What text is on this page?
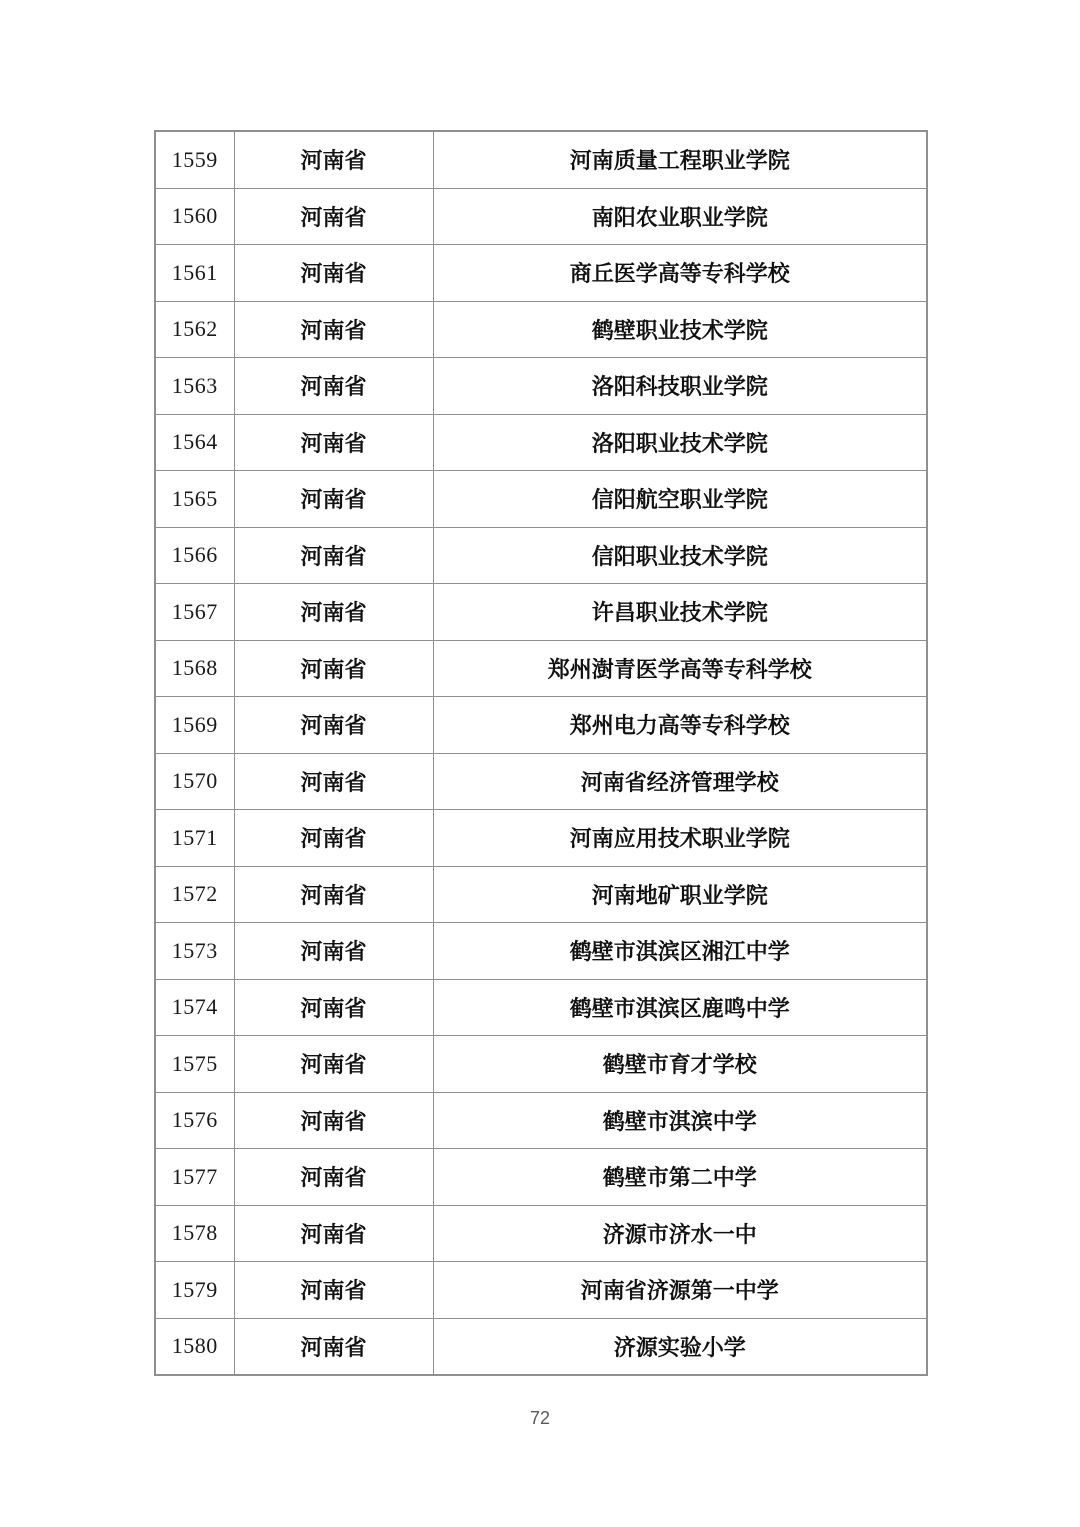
1559	河南省	河南质量工程职业学院
1560	河南省	南阳农业职业学院
1561	河南省	商丘医学高等专科学校
1562	河南省	鹤壁职业技术学院
1563	河南省	洛阳科技职业学院
1564	河南省	洛阳职业技术学院
1565	河南省	信阳航空职业学院
1566	河南省	信阳职业技术学院
1567	河南省	许昌职业技术学院
1568	河南省	郑州澍青医学高等专科学校
1569	河南省	郑州电力高等专科学校
1570	河南省	河南省经济管理学校
1571	河南省	河南应用技术职业学院
1572	河南省	河南地矿职业学院
1573	河南省	鹤壁市淇滨区湘江中学
1574	河南省	鹤壁市淇滨区鹿鸣中学
1575	河南省	鹤壁市育才学校
1576	河南省	鹤壁市淇滨中学
1577	河南省	鹤壁市第二中学
1578	河南省	济源市济水一中
1579	河南省	河南省济源第一中学
1580	河南省	济源实验小学
72
